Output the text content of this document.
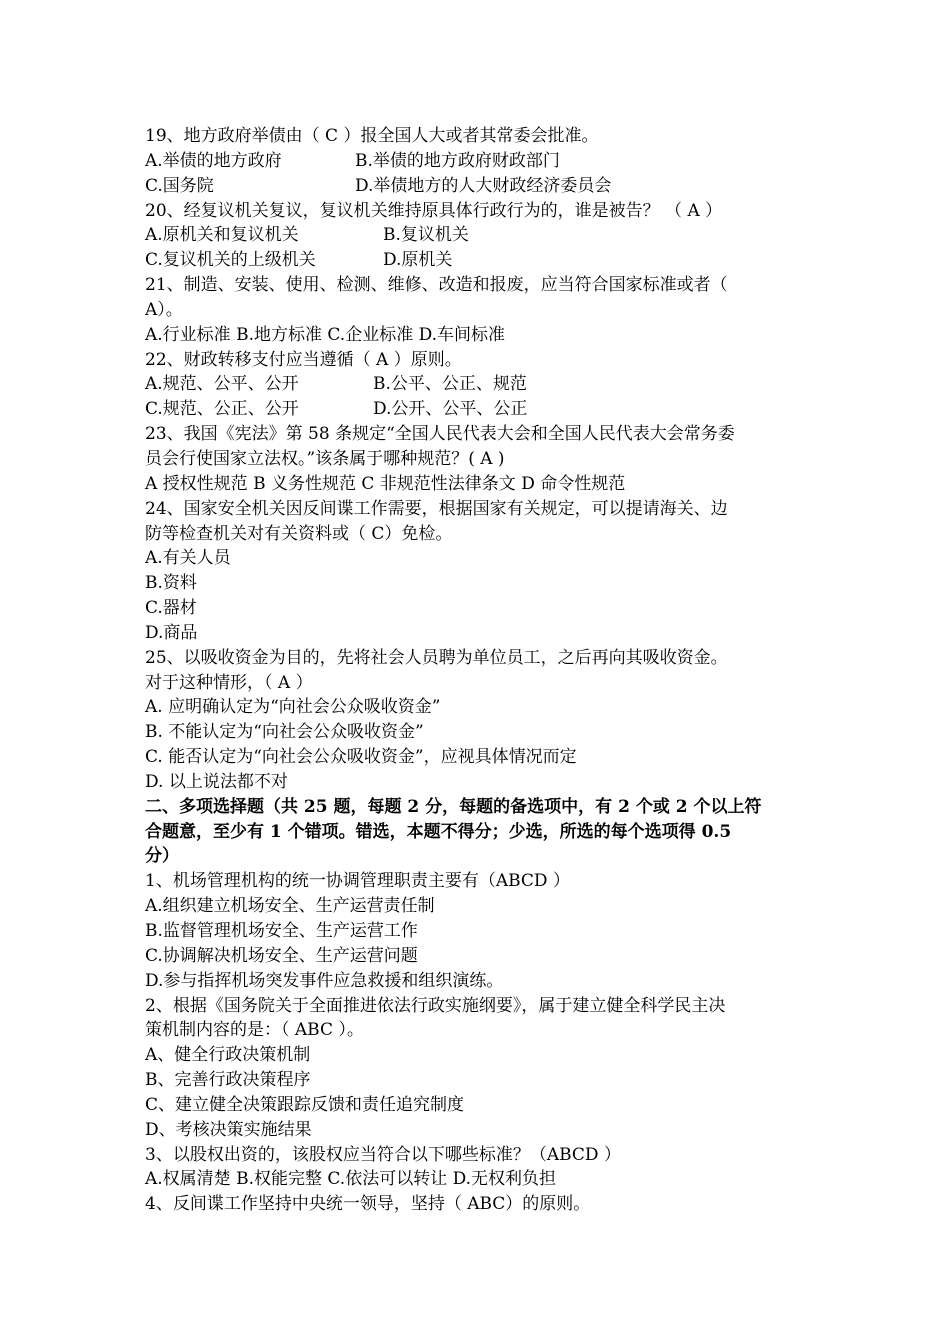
19、地方政府举债由（ C ）报全国人大或者其常委会批准。
A.举债的地方政府	B.举债的地方政府财政部门
C.国务院	D.举债地方的人大财政经济委员会
20、经复议机关复议，复议机关维持原具体行政行为的，谁是被告？ （ A ）
A.原机关和复议机关	B.复议机关
C.复议机关的上级机关	D.原机关
21、制造、安装、使用、检测、维修、改造和报废，应当符合国家标准或者（
A）。
A.行业标准 B.地方标准 C.企业标准 D.车间标准
22、财政转移支付应当遵循（ A ）原则。
A.规范、公平、公开	B.公平、公正、规范
C.规范、公正、公开	D.公开、公平、公正
23、我国《宪法》第 58 条规定“全国人民代表大会和全国人民代表大会常务委
员会行使国家立法权。”该条属于哪种规范？( A )
A 授权性规范 B 义务性规范 C 非规范性法律条文 D 命令性规范
24、国家安全机关因反间谍工作需要，根据国家有关规定，可以提请海关、边
防等检查机关对有关资料或（ C）免检。
A.有关人员
B.资料
C.器材
D.商品
25、以吸收资金为目的，先将社会人员聘为单位员工，之后再向其吸收资金。
对于这种情形，（ A ）
A. 应明确认定为“向社会公众吸收资金”
B. 不能认定为“向社会公众吸收资金”
C. 能否认定为“向社会公众吸收资金”，应视具体情况而定
D. 以上说法都不对
二、多项选择题（共 25 题，每题 2 分，每题的备选项中，有 2 个或 2 个以上符
合题意，至少有 1 个错项。错选，本题不得分；少选，所选的每个选项得 0.5
分）
1、机场管理机构的统一协调管理职责主要有（ABCD ）
A.组织建立机场安全、生产运营责任制
B.监督管理机场安全、生产运营工作
C.协调解决机场安全、生产运营问题
D.参与指挥机场突发事件应急救援和组织演练。
2、根据《国务院关于全面推进依法行政实施纲要》，属于建立健全科学民主决
策机制内容的是：（ ABC ）。
A、健全行政决策机制
B、完善行政决策程序
C、建立健全决策跟踪反馈和责任追究制度
D、考核决策实施结果
3、以股权出资的，该股权应当符合以下哪些标准？（ABCD ）
A.权属清楚 B.权能完整 C.依法可以转让 D.无权利负担
4、反间谍工作坚持中央统一领导，坚持（ ABC）的原则。
